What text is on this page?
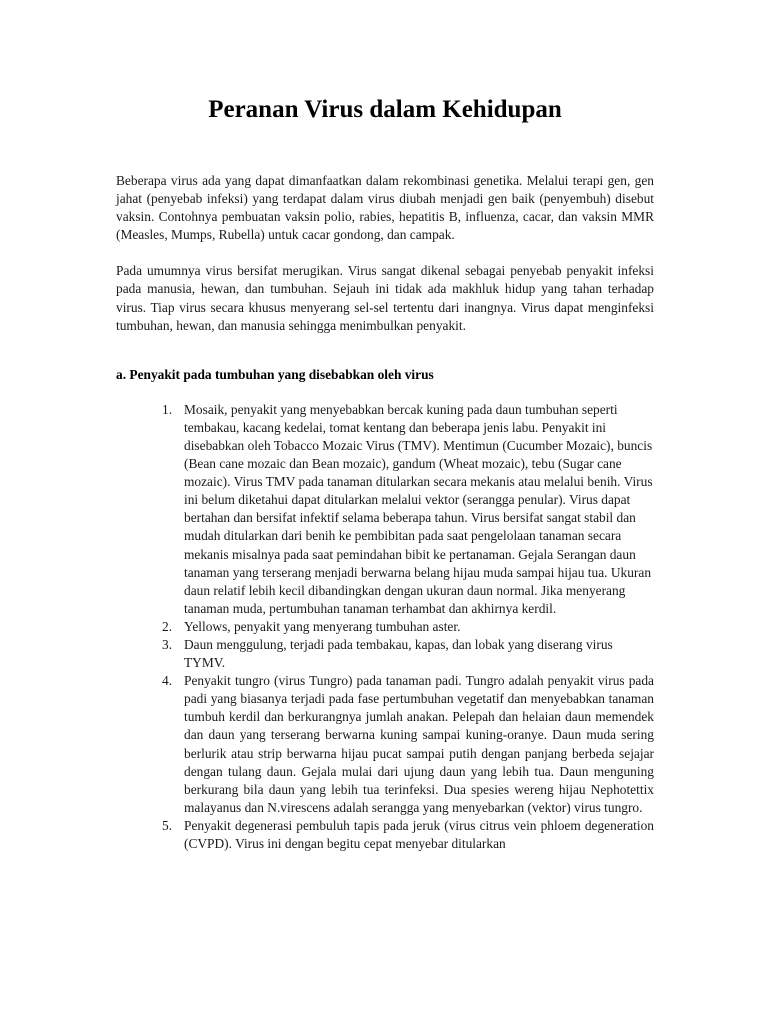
Peranan Virus dalam Kehidupan

Beberapa virus ada yang dapat dimanfaatkan dalam rekombinasi genetika. Melalui terapi gen, gen jahat (penyebab infeksi) yang terdapat dalam virus diubah menjadi gen baik (penyembuh) disebut vaksin. Contohnya pembuatan vaksin polio, rabies, hepatitis B, influenza, cacar, dan vaksin MMR (Measles, Mumps, Rubella) untuk cacar gondong, dan campak.

Pada umumnya virus bersifat merugikan. Virus sangat dikenal sebagai penyebab penyakit infeksi pada manusia, hewan, dan tumbuhan. Sejauh ini tidak ada makhluk hidup yang tahan terhadap virus. Tiap virus secara khusus menyerang sel-sel tertentu dari inangnya. Virus dapat menginfeksi tumbuhan, hewan, dan manusia sehingga menimbulkan penyakit.

a. Penyakit pada tumbuhan yang disebabkan oleh virus
1. Mosaik, penyakit yang menyebabkan bercak kuning pada daun tumbuhan seperti tembakau, kacang kedelai, tomat kentang dan beberapa jenis labu. Penyakit ini disebabkan oleh Tobacco Mozaic Virus (TMV). Mentimun (Cucumber Mozaic), buncis (Bean cane mozaic dan Bean mozaic), gandum (Wheat mozaic), tebu (Sugar cane mozaic). Virus TMV pada tanaman ditularkan secara mekanis atau melalui benih. Virus ini belum diketahui dapat ditularkan melalui vektor (serangga penular). Virus dapat bertahan dan bersifat infektif selama beberapa tahun. Virus bersifat sangat stabil dan mudah ditularkan dari benih ke pembibitan pada saat pengelolaan tanaman secara mekanis misalnya pada saat pemindahan bibit ke pertanaman. Gejala Serangan daun tanaman yang terserang menjadi berwarna belang hijau muda sampai hijau tua. Ukuran daun relatif lebih kecil dibandingkan dengan ukuran daun normal. Jika menyerang tanaman muda, pertumbuhan tanaman terhambat dan akhirnya kerdil.
2. Yellows, penyakit yang menyerang tumbuhan aster.
3. Daun menggulung, terjadi pada tembakau, kapas, dan lobak yang diserang virus TYMV.
4. Penyakit tungro (virus Tungro) pada tanaman padi. Tungro adalah penyakit virus pada padi yang biasanya terjadi pada fase pertumbuhan vegetatif dan menyebabkan tanaman tumbuh kerdil dan berkurangnya jumlah anakan. Pelepah dan helaian daun memendek dan daun yang terserang berwarna kuning sampai kuning-oranye. Daun muda sering berlurik atau strip berwarna hijau pucat sampai putih dengan panjang berbeda sejajar dengan tulang daun. Gejala mulai dari ujung daun yang lebih tua. Daun menguning berkurang bila daun yang lebih tua terinfeksi. Dua spesies wereng hijau Nephotettix malayanus dan N.virescens adalah serangga yang menyebarkan (vektor) virus tungro.
5. Penyakit degenerasi pembuluh tapis pada jeruk (virus citrus vein phloem degeneration (CVPD). Virus ini dengan begitu cepat menyebar ditularkan
